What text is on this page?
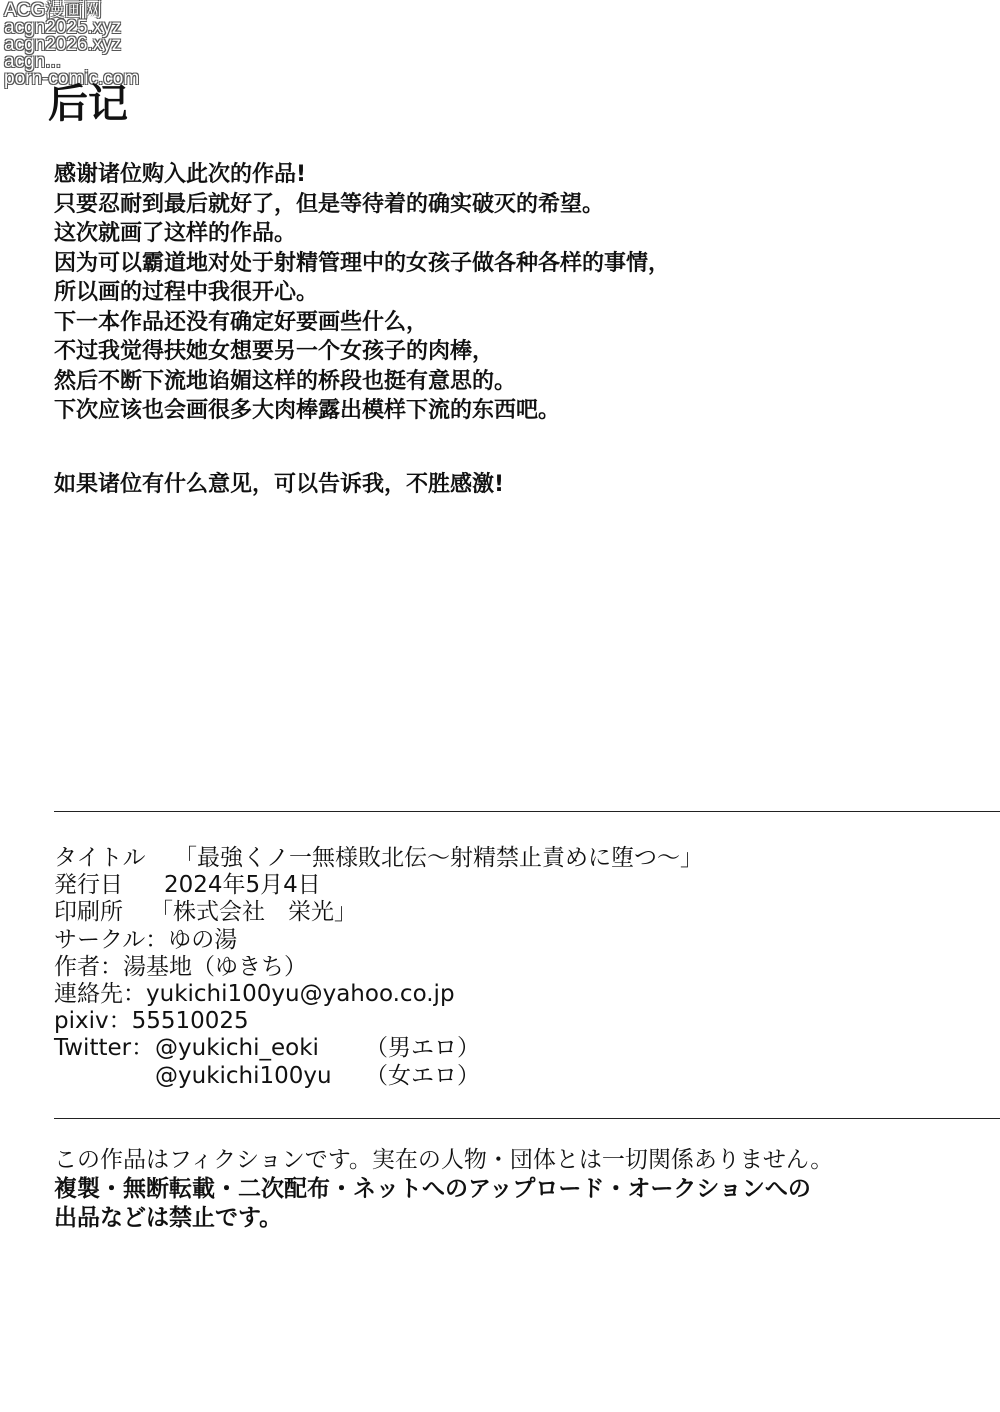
ACG漫画网
acgn2025.xyz
acgn2026.xyz
acgn...
porn-comic.com
后记
感谢诸位购入此次的作品!
只要忍耐到最后就好了，但是等待着的确实破灭的希望。
这次就画了这样的作品。
因为可以霸道地对处于射精管理中的女孩子做各种各样的事情，
所以画的过程中我很开心。
下一本作品还没有确定好要画些什么，
不过我觉得扶她女想要另一个女孩子的肉棒，
然后不断下流地谄媚这样的桥段也挺有意思的。
下次应该也会画很多大肉棒露出模样下流的东西吧。
如果诸位有什么意见，可以告诉我，不胜感激!
タイトル 「最強くノ一無様敗北伝～射精禁止責めに堕つ～」
発行日 2024年5月4日
印刷所 「株式会社　栄光」
サークル：ゆの湯
作者：湯基地（ゆきち）
連絡先：yukichi100yu@yahoo.co.jp
pixiv：55510025
Twitter：@yukichi_eoki （男エロ）
@yukichi100yu （女エロ）
この作品はフィクションです。実在の人物・団体とは一切関係ありません。
複製・無断転載・二次配布・ネットへのアップロード・オークションへの
出品などは禁止です。
